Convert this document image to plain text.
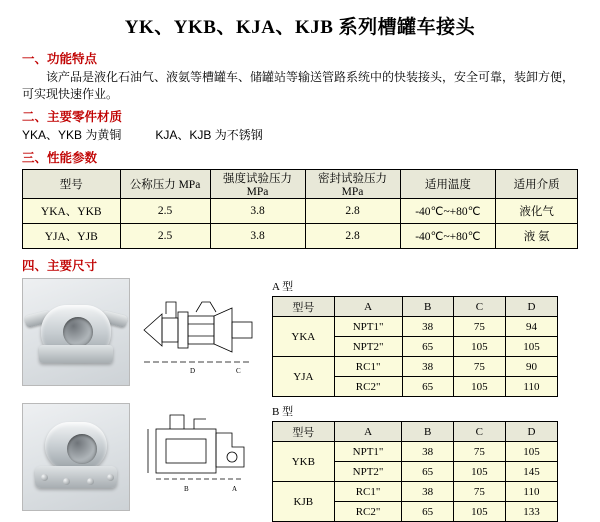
YK、YKB、KJA、KJB 系列槽罐车接头
一、功能特点
该产品是液化石油气、液氨等槽罐车、储罐站等输送管路系统中的快装接头，安全可靠，装卸方便，可实现快速作业。
二、主要零件材质
YKA、YKB 为黄铜	KJA、KJB 为不锈钢
三、性能参数
型号	公称压力 MPa	强度试验压力 MPa	密封试验压力 MPa	适用温度	适用介质
YKA、YKB	2.5	3.8	2.8	-40℃~+80℃	液化气
YJA、YJB	2.5	3.8	2.8	-40℃~+80℃	液 氨
四、主要尺寸
D	C
A 型
型号	A	B	C	D
YKA	NPT1"	38	75	94
	NPT2"	65	105	105
YJA	RC1"	38	75	90
	RC2"	65	105	110
B	A
B 型
型号	A	B	C	D
YKB	NPT1"	38	75	105
	NPT2"	65	105	145
KJB	RC1"	38	75	110
	RC2"	65	105	133
